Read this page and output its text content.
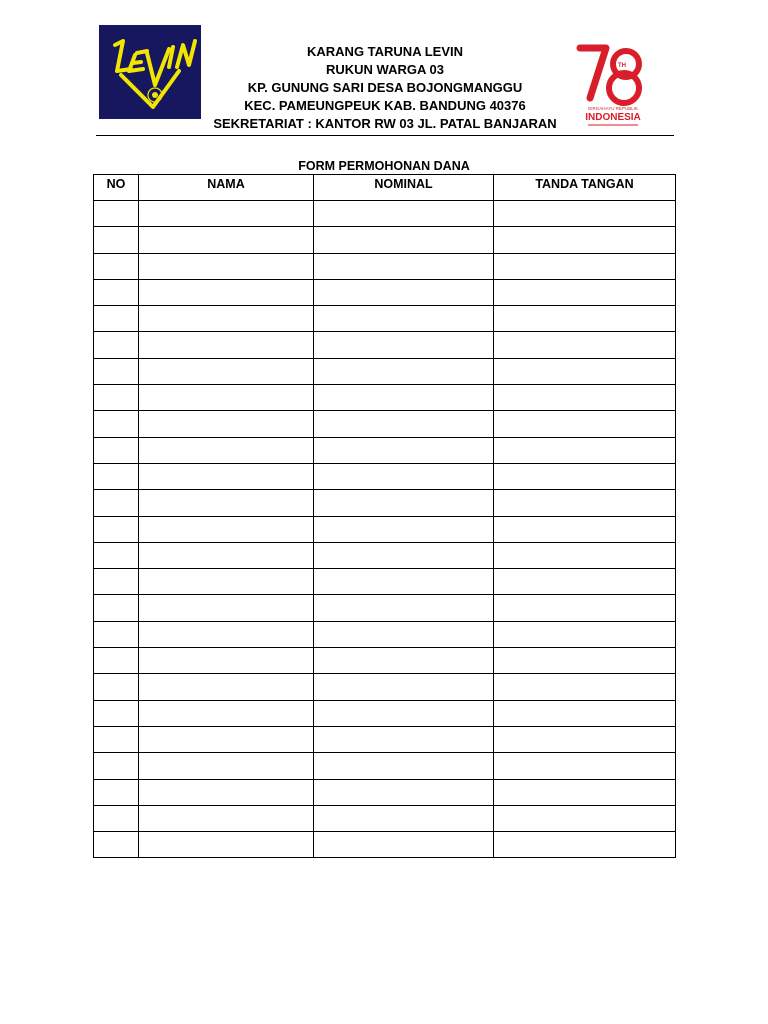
KARANG TARUNA LEVIN
RUKUN WARGA 03
KP. GUNUNG SARI DESA BOJONGMANGGU
KEC. PAMEUNGPEUK KAB. BANDUNG 40376
SEKRETARIAT : KANTOR RW 03 JL. PATAL BANJARAN
TH
DIRGAHAYU REPUBLIK
INDONESIA
FORM PERMOHONAN DANA
NO	NAMA	NOMINAL	TANDA TANGAN
